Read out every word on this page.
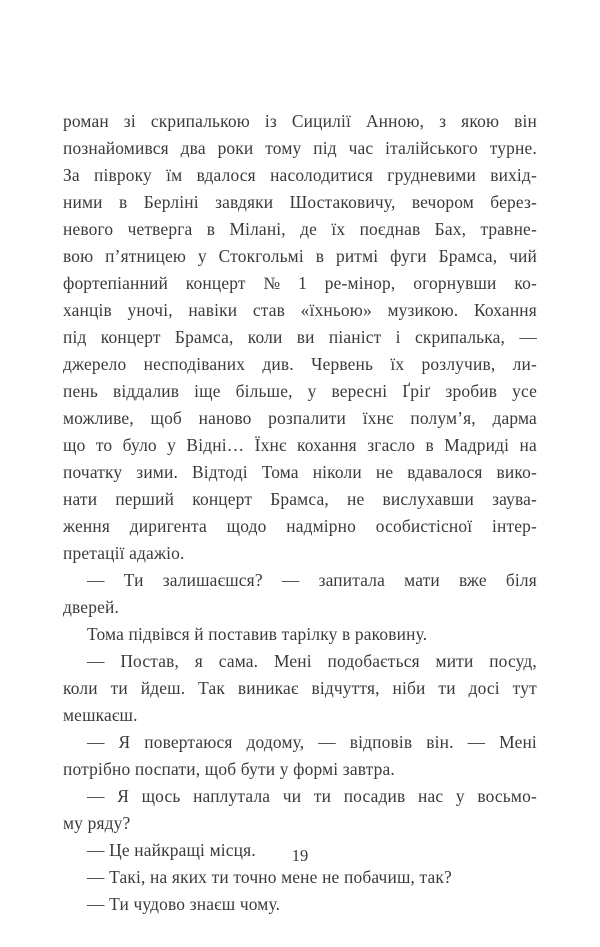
роман зі скрипалькою із Сицилії Анною, з якою він
познайомився два роки тому під час італійського турне.
За півроку їм вдалося насолодитися грудневими вихід-
ними в Берліні завдяки Шостаковичу, вечором берез-
невого четверга в Мілані, де їх поєднав Бах, травне-
вою п’ятницею у Стокгольмі в ритмі фуги Брамса, чий
фортепіанний концерт № 1 ре-мінор, огорнувши ко-
ханців уночі, навіки став «їхньою» музикою. Кохання
під концерт Брамса, коли ви піаніст і скрипалька, —
джерело несподіваних див. Червень їх розлучив, ли-
пень віддалив іще більше, у вересні Ґріґ зробив усе
можливе, щоб наново розпалити їхнє полум’я, дарма
що то було у Відні… Їхнє кохання згасло в Мадриді на
початку зими. Відтоді Тома ніколи не вдавалося вико-
нати перший концерт Брамса, не вислухавши заува-
ження диригента щодо надмірно особистісної інтер-
претації адажіо.
— Ти залишаєшся? — запитала мати вже біля
дверей.
Тома підвівся й поставив тарілку в раковину.
— Постав, я сама. Мені подобається мити посуд,
коли ти йдеш. Так виникає відчуття, ніби ти досі тут
мешкаєш.
— Я повертаюся додому, — відповів він. — Мені
потрібно поспати, щоб бути у формі завтра.
— Я щось наплутала чи ти посадив нас у восьмо-
му ряду?
— Це найкращі місця.
— Такі, на яких ти точно мене не побачиш, так?
— Ти чудово знаєш чому.
19
